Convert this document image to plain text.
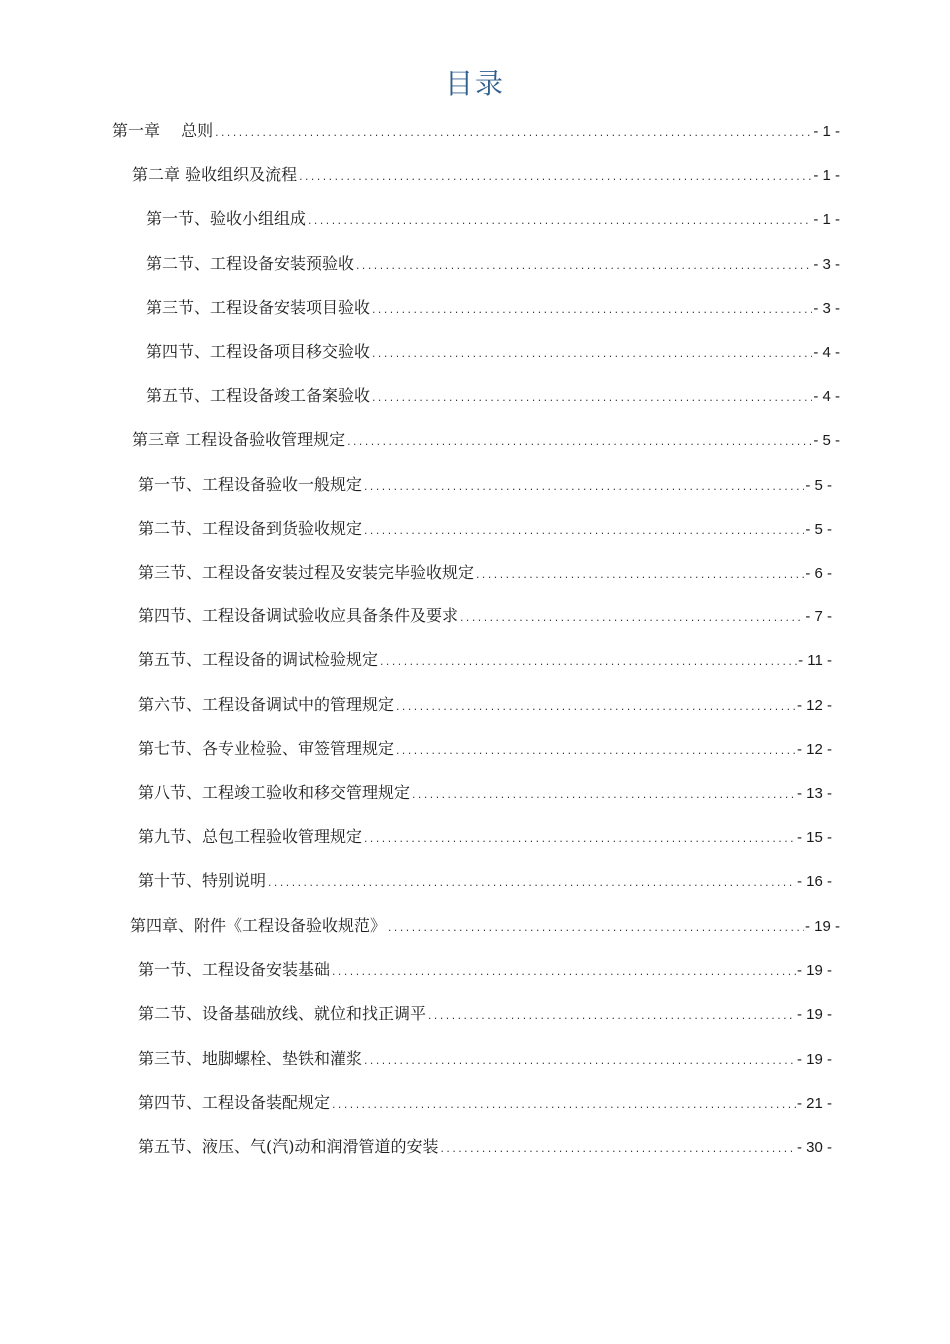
目录
第一章　 总则 .....	- 1 -
第二章 验收组织及流程 .....	- 1 -
第一节、验收小组组成 .....	- 1 -
第二节、工程设备安装预验收 .....	- 3 -
第三节、工程设备安装项目验收 .....	- 3 -
第四节、工程设备项目移交验收 .....	- 4 -
第五节、工程设备竣工备案验收 .....	- 4 -
第三章 工程设备验收管理规定 .....	- 5 -
第一节、工程设备验收一般规定 .....	- 5 -
第二节、工程设备到货验收规定 .....	- 5 -
第三节、工程设备安装过程及安装完毕验收规定 .....	- 6 -
第四节、工程设备调试验收应具备条件及要求 .....	- 7 -
第五节、工程设备的调试检验规定 .....	- 11 -
第六节、工程设备调试中的管理规定 .....	- 12 -
第七节、各专业检验、审签管理规定 .....	- 12 -
第八节、工程竣工验收和移交管理规定 .....	- 13 -
第九节、总包工程验收管理规定 .....	- 15 -
第十节、特别说明 .....	- 16 -
第四章、附件《工程设备验收规范》 .....	- 19 -
第一节、工程设备安装基础 .....	- 19 -
第二节、设备基础放线、就位和找正调平 .....	- 19 -
第三节、地脚螺栓、垫铁和灌浆 .....	- 19 -
第四节、工程设备装配规定 .....	- 21 -
第五节、液压、气(汽)动和润滑管道的安装 .....	- 30 -
